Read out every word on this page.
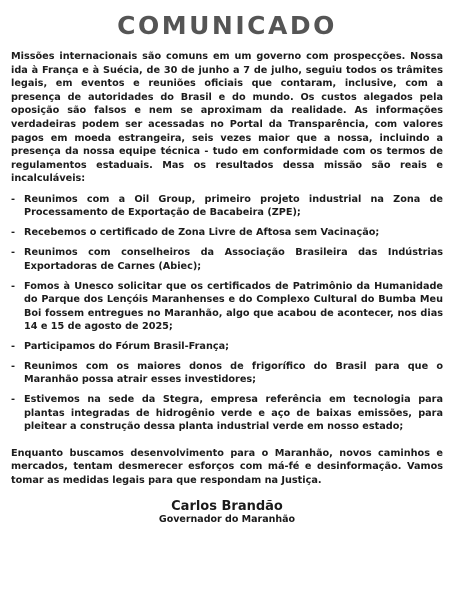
COMUNICADO

Missões internacionais são comuns em um governo com prospecções. Nossa ida à França e à Suécia, de 30 de junho a 7 de julho, seguiu todos os trâmites legais, em eventos e reuniões oficiais que contaram, inclusive, com a presença de autoridades do Brasil e do mundo. Os custos alegados pela oposição são falsos e nem se aproximam da realidade. As informações verdadeiras podem ser acessadas no Portal da Transparência, com valores pagos em moeda estrangeira, seis vezes maior que a nossa, incluindo a presença da nossa equipe técnica - tudo em conformidade com os termos de regulamentos estaduais. Mas os resultados dessa missão são reais e incalculáveis:

- Reunimos com a Oil Group, primeiro projeto industrial na Zona de Processamento de Exportação de Bacabeira (ZPE);
- Recebemos o certificado de Zona Livre de Aftosa sem Vacinação;
- Reunimos com conselheiros da Associação Brasileira das Indústrias Exportadoras de Carnes (Abiec);
- Fomos à Unesco solicitar que os certificados de Patrimônio da Humanidade do Parque dos Lençóis Maranhenses e do Complexo Cultural do Bumba Meu Boi fossem entregues no Maranhão, algo que acabou de acontecer, nos dias 14 e 15 de agosto de 2025;
- Participamos do Fórum Brasil-França;
- Reunimos com os maiores donos de frigorífico do Brasil para que o Maranhão possa atrair esses investidores;
- Estivemos na sede da Stegra, empresa referência em tecnologia para plantas integradas de hidrogênio verde e aço de baixas emissões, para pleitear a construção dessa planta industrial verde em nosso estado;

Enquanto buscamos desenvolvimento para o Maranhão, novos caminhos e mercados, tentam desmerecer esforços com má-fé e desinformação. Vamos tomar as medidas legais para que respondam na Justiça.

Carlos Brandão
Governador do Maranhão
